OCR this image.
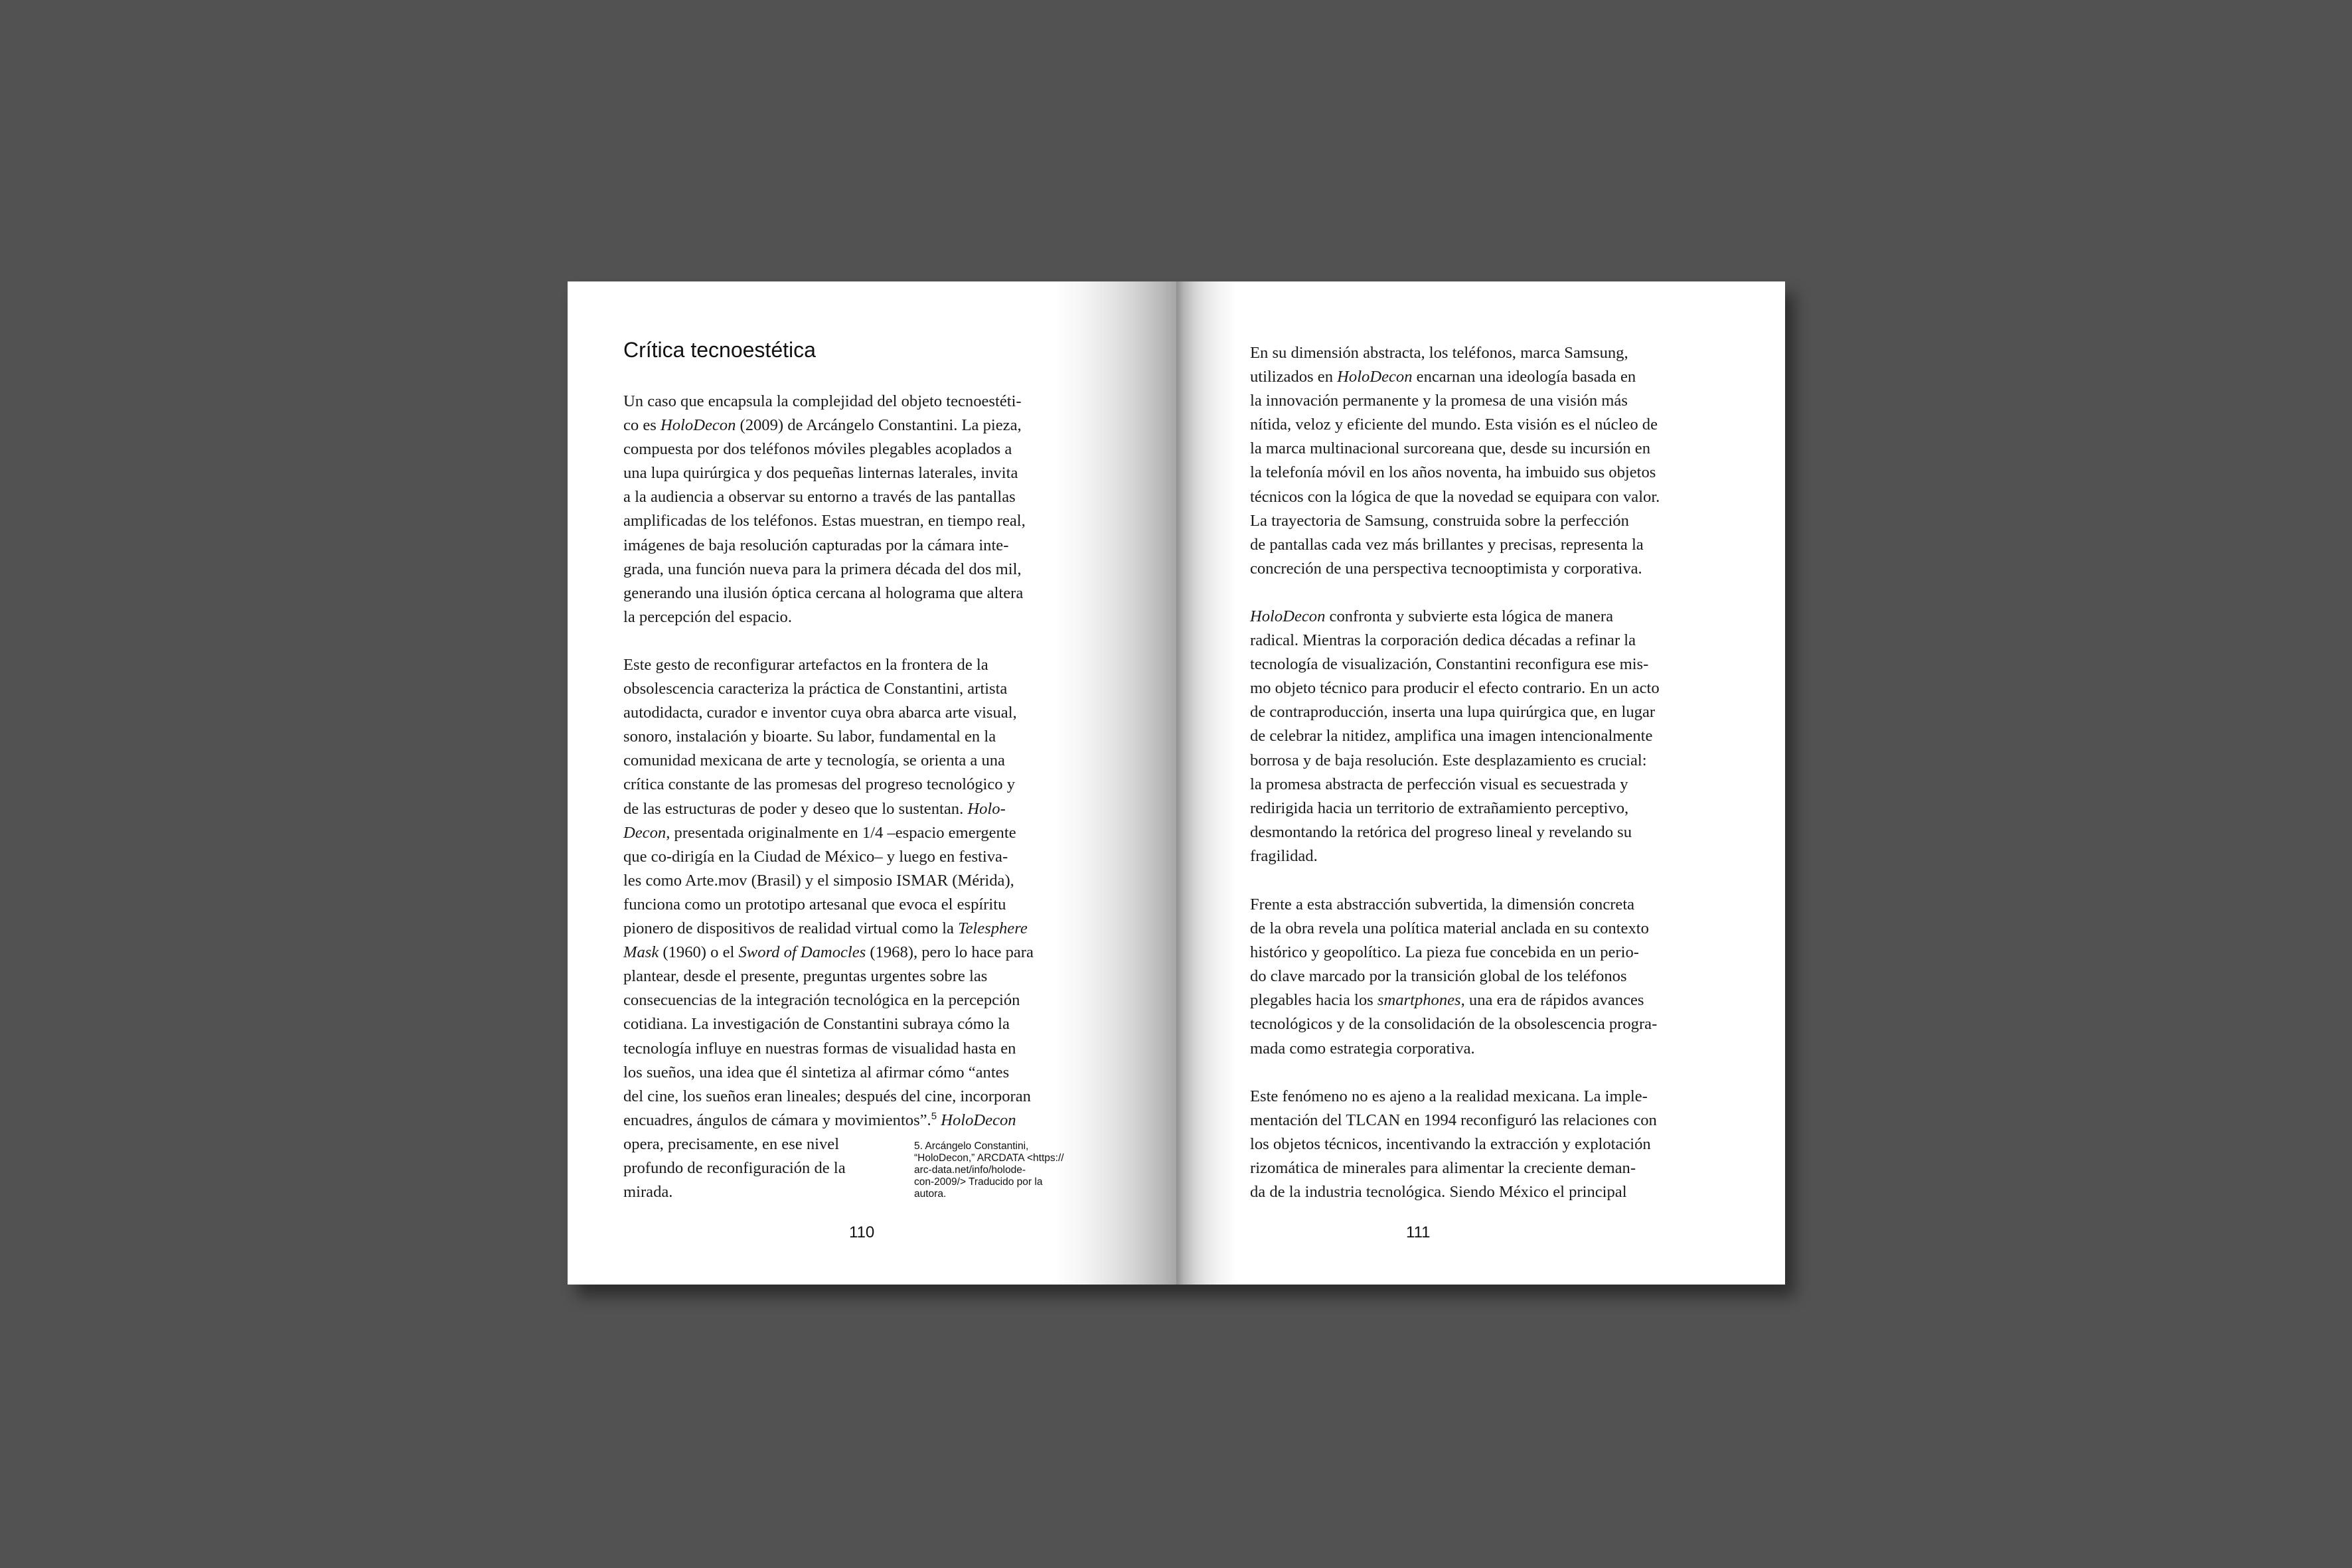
Crítica tecnoestética
Un caso que encapsula la complejidad del objeto tecnoestéti-
co es HoloDecon (2009) de Arcángelo Constantini. La pieza,
compuesta por dos teléfonos móviles plegables acoplados a
una lupa quirúrgica y dos pequeñas linternas laterales, invita
a la audiencia a observar su entorno a través de las pantallas
amplificadas de los teléfonos. Estas muestran, en tiempo real,
imágenes de baja resolución capturadas por la cámara inte-
grada, una función nueva para la primera década del dos mil,
generando una ilusión óptica cercana al holograma que altera
la percepción del espacio.
Este gesto de reconfigurar artefactos en la frontera de la
obsolescencia caracteriza la práctica de Constantini, artista
autodidacta, curador e inventor cuya obra abarca arte visual,
sonoro, instalación y bioarte. Su labor, fundamental en la
comunidad mexicana de arte y tecnología, se orienta a una
crítica constante de las promesas del progreso tecnológico y
de las estructuras de poder y deseo que lo sustentan. Holo-
Decon, presentada originalmente en 1/4 –espacio emergente
que co-dirigía en la Ciudad de México– y luego en festiva-
les como Arte.mov (Brasil) y el simposio ISMAR (Mérida),
funciona como un prototipo artesanal que evoca el espíritu
pionero de dispositivos de realidad virtual como la Telesphere
Mask (1960) o el Sword of Damocles (1968), pero lo hace para
plantear, desde el presente, preguntas urgentes sobre las
consecuencias de la integración tecnológica en la percepción
cotidiana. La investigación de Constantini subraya cómo la
tecnología influye en nuestras formas de visualidad hasta en
los sueños, una idea que él sintetiza al afirmar cómo “antes
del cine, los sueños eran lineales; después del cine, incorporan
encuadres, ángulos de cámara y movimientos”.$^5$ HoloDecon
opera, precisamente, en ese nivel
profundo de reconfiguración de la
mirada.
5. Arcángelo Constantini,
“HoloDecon,” ARCDATA <https://
arc-data.net/info/holode-
con-2009/> Traducido por la
autora.
110
En su dimensión abstracta, los teléfonos, marca Samsung,
utilizados en HoloDecon encarnan una ideología basada en
la innovación permanente y la promesa de una visión más
nítida, veloz y eficiente del mundo. Esta visión es el núcleo de
la marca multinacional surcoreana que, desde su incursión en
la telefonía móvil en los años noventa, ha imbuido sus objetos
técnicos con la lógica de que la novedad se equipara con valor.
La trayectoria de Samsung, construida sobre la perfección
de pantallas cada vez más brillantes y precisas, representa la
concreción de una perspectiva tecnooptimista y corporativa.
HoloDecon confronta y subvierte esta lógica de manera
radical. Mientras la corporación dedica décadas a refinar la
tecnología de visualización, Constantini reconfigura ese mis-
mo objeto técnico para producir el efecto contrario. En un acto
de contraproducción, inserta una lupa quirúrgica que, en lugar
de celebrar la nitidez, amplifica una imagen intencionalmente
borrosa y de baja resolución. Este desplazamiento es crucial:
la promesa abstracta de perfección visual es secuestrada y
redirigida hacia un territorio de extrañamiento perceptivo,
desmontando la retórica del progreso lineal y revelando su
fragilidad.
Frente a esta abstracción subvertida, la dimensión concreta
de la obra revela una política material anclada en su contexto
histórico y geopolítico. La pieza fue concebida en un perio-
do clave marcado por la transición global de los teléfonos
plegables hacia los smartphones, una era de rápidos avances
tecnológicos y de la consolidación de la obsolescencia progra-
mada como estrategia corporativa.
Este fenómeno no es ajeno a la realidad mexicana. La imple-
mentación del TLCAN en 1994 reconfiguró las relaciones con
los objetos técnicos, incentivando la extracción y explotación
rizomática de minerales para alimentar la creciente deman-
da de la industria tecnológica. Siendo México el principal
111
